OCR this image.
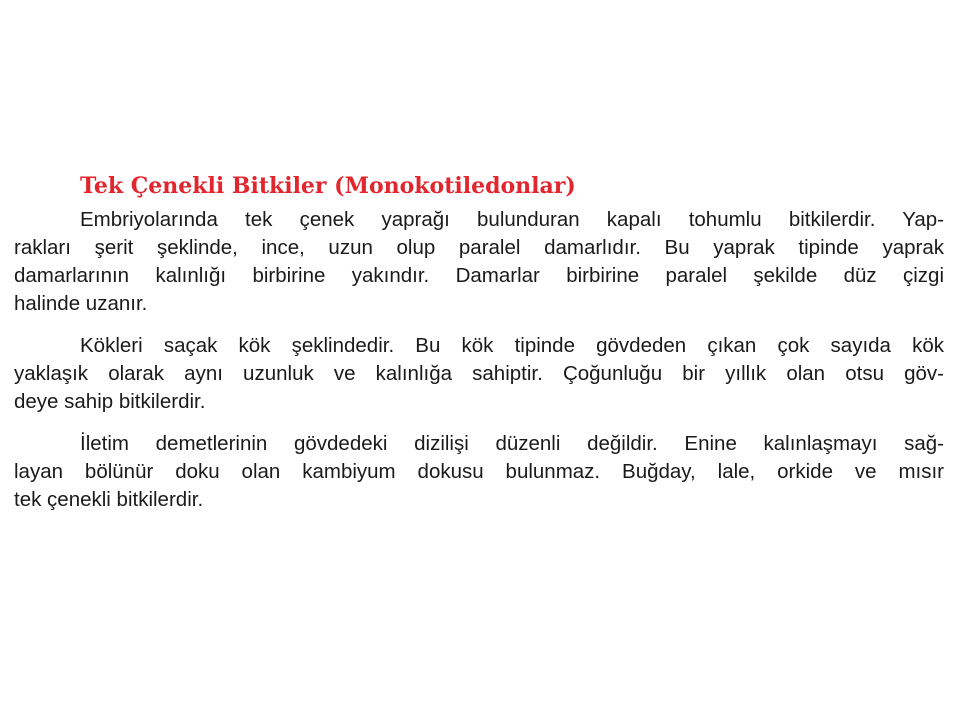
Tek Çenekli Bitkiler (Monokotiledonlar)
Embriyolarında tek çenek yaprağı bulunduran kapalı tohumlu bitkilerdir. Yap-
rakları şerit şeklinde, ince, uzun olup paralel damarlıdır. Bu yaprak tipinde yaprak
damarlarının kalınlığı birbirine yakındır. Damarlar birbirine paralel şekilde düz çizgi
halinde uzanır.
Kökleri saçak kök şeklindedir. Bu kök tipinde gövdeden çıkan çok sayıda kök
yaklaşık olarak aynı uzunluk ve kalınlığa sahiptir. Çoğunluğu bir yıllık olan otsu göv-
deye sahip bitkilerdir.
İletim demetlerinin gövdedeki dizilişi düzenli değildir. Enine kalınlaşmayı sağ-
layan bölünür doku olan kambiyum dokusu bulunmaz. Buğday, lale, orkide ve mısır
tek çenekli bitkilerdir.
